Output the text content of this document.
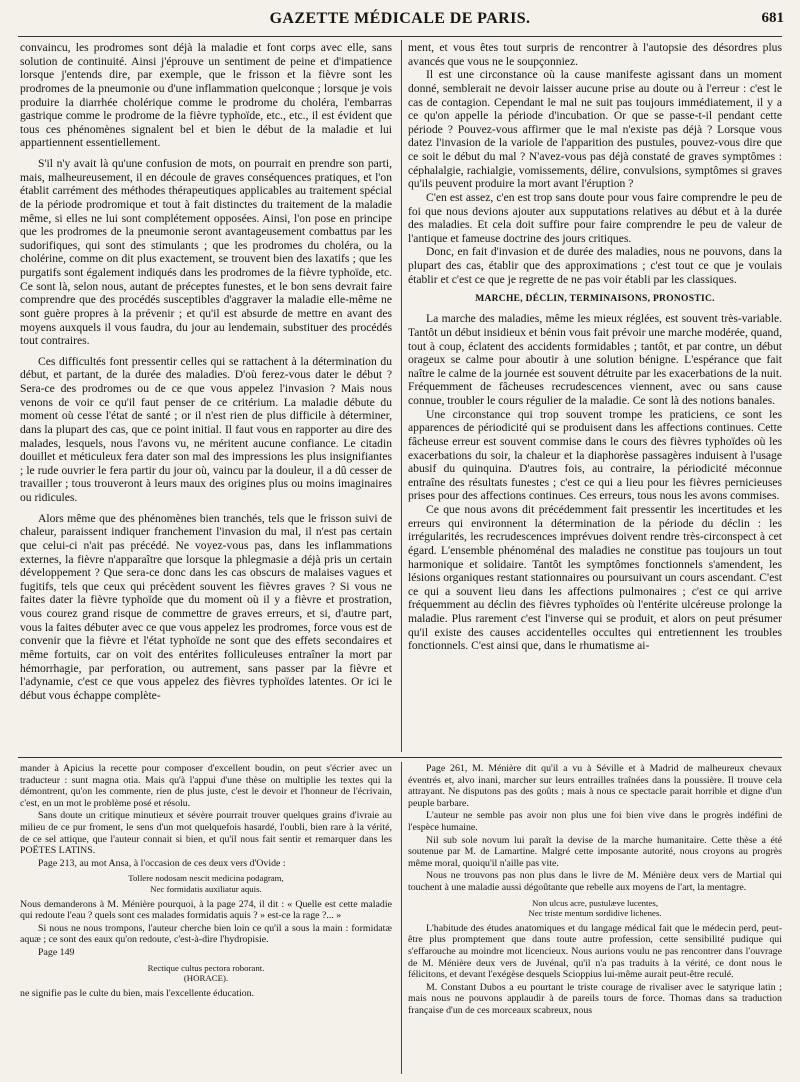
GAZETTE MÉDICALE DE PARIS.	681

convaincu, les prodromes sont déjà la maladie et font corps avec elle, sans solution de continuité. Ainsi j'éprouve un sentiment de peine et d'impatience lorsque j'entends dire, par exemple, que le frisson et la fièvre sont les prodromes de la pneumonie ou d'une inflammation quelconque ; lorsque je vois produire la diarrhée cholérique comme le prodrome du choléra, l'embarras gastrique comme le prodrome de la fièvre typhoïde, etc., etc., il est évident que tous ces phénomènes signalent bel et bien le début de la maladie et lui appartiennent essentiellement.

S'il n'y avait là qu'une confusion de mots, on pourrait en prendre son parti, mais, malheureusement, il en découle de graves conséquences pratiques, et l'on établit carrément des méthodes thérapeutiques applicables au traitement spécial de la période prodromique et tout à fait distinctes du traitement de la maladie même, si elles ne lui sont complétement opposées. Ainsi, l'on pose en principe que les prodromes de la pneumonie seront avantageusement combattus par les sudorifiques, qui sont des stimulants ; que les prodromes du choléra, ou la cholérine, comme on dit plus exactement, se trouvent bien des laxatifs ; que les purgatifs sont également indiqués dans les prodromes de la fièvre typhoïde, etc. Ce sont là, selon nous, autant de préceptes funestes, et le bon sens devrait faire comprendre que des procédés susceptibles d'aggraver la maladie elle-même ne sont guère propres à la prévenir ; et qu'il est absurde de mettre en avant des moyens auxquels il vous faudra, du jour au lendemain, substituer des procédés tout contraires.

Ces difficultés font pressentir celles qui se rattachent à la détermination du début, et partant, de la durée des maladies. D'où ferez-vous dater le début ? Sera-ce des prodromes ou de ce que vous appelez l'invasion ? Mais nous venons de voir ce qu'il faut penser de ce critérium. La maladie débute du moment où cesse l'état de santé ; or il n'est rien de plus difficile à déterminer, dans la plupart des cas, que ce point initial. Il faut vous en rapporter au dire des malades, lesquels, nous l'avons vu, ne méritent aucune confiance. Le citadin douillet et méticuleux fera dater son mal des impressions les plus insignifiantes ; le rude ouvrier le fera partir du jour où, vaincu par la douleur, il a dû cesser de travailler ; tous trouveront à leurs maux des origines plus ou moins imaginaires ou ridicules.

Alors même que des phénomènes bien tranchés, tels que le frisson suivi de chaleur, paraissent indiquer franchement l'invasion du mal, il n'est pas certain que celui-ci n'ait pas précédé. Ne voyez-vous pas, dans les inflammations externes, la fièvre n'apparaître que lorsque la phlegmasie a déjà pris un certain développement ? Que sera-ce donc dans les cas obscurs de malaises vagues et fugitifs, tels que ceux qui précèdent souvent les fièvres graves ? Si vous ne faites dater la fièvre typhoïde que du moment où il y a fièvre et prostration, vous courez grand risque de commettre de graves erreurs, et si, d'autre part, vous la faites débuter avec ce que vous appelez les prodromes, force vous est de convenir que la fièvre et l'état typhoïde ne sont que des effets secondaires et même fortuits, car on voit des entérites folliculeuses entraîner la mort par hémorrhagie, par perforation, ou autrement, sans passer par la fièvre et l'adynamie, c'est ce que vous appelez des fièvres typhoïdes latentes. Or ici le début vous échappe complète-

ment, et vous êtes tout surpris de rencontrer à l'autopsie des désordres plus avancés que vous ne le soupçonniez.

Il est une circonstance où la cause manifeste agissant dans un moment donné, semblerait ne devoir laisser aucune prise au doute ou à l'erreur : c'est le cas de contagion. Cependant le mal ne suit pas toujours immédiatement, il y a ce qu'on appelle la période d'incubation. Or que se passe-t-il pendant cette période ? Pouvez-vous affirmer que le mal n'existe pas déjà ? Lorsque vous datez l'invasion de la variole de l'apparition des pustules, pouvez-vous dire que ce soit le début du mal ? N'avez-vous pas déjà constaté de graves symptômes : céphalalgie, rachialgie, vomissements, délire, convulsions, symptômes si graves qu'ils peuvent produire la mort avant l'éruption ?

C'en est assez, c'en est trop sans doute pour vous faire comprendre le peu de foi que nous devions ajouter aux supputations relatives au début et à la durée des maladies. Et cela doit suffire pour faire comprendre le peu de valeur de l'antique et fameuse doctrine des jours critiques.

Donc, en fait d'invasion et de durée des maladies, nous ne pouvons, dans la plupart des cas, établir que des approximations ; c'est tout ce que je voulais établir et c'est ce que je regrette de ne pas voir établi par les classiques.

MARCHE, DÉCLIN, TERMINAISONS, PRONOSTIC.

La marche des maladies, même les mieux réglées, est souvent très-variable. Tantôt un début insidieux et bénin vous fait prévoir une marche modérée, quand, tout à coup, éclatent des accidents formidables ; tantôt, et par contre, un début orageux se calme pour aboutir à une solution bénigne. L'espérance que fait naître le calme de la journée est souvent détruite par les exacerbations de la nuit. Fréquemment de fâcheuses recrudescences viennent, avec ou sans cause connue, troubler le cours régulier de la maladie. Ce sont là des notions banales.

Une circonstance qui trop souvent trompe les praticiens, ce sont les apparences de périodicité qui se produisent dans les affections continues. Cette fâcheuse erreur est souvent commise dans le cours des fièvres typhoïdes où les exacerbations du soir, la chaleur et la diaphorèse passagères induisent à l'usage abusif du quinquina. D'autres fois, au contraire, la périodicité méconnue entraîne des résultats funestes ; c'est ce qui a lieu pour les fièvres pernicieuses prises pour des affections continues. Ces erreurs, tous nous les avons commises.

Ce que nous avons dit précédemment fait pressentir les incertitudes et les erreurs qui environnent la détermination de la période du déclin : les irrégularités, les recrudescences imprévues doivent rendre très-circonspect à cet égard. L'ensemble phénoménal des maladies ne constitue pas toujours un tout harmonique et solidaire. Tantôt les symptômes fonctionnels s'amendent, les lésions organiques restant stationnaires ou poursuivant un cours ascendant. C'est ce qui a souvent lieu dans les affections pulmonaires ; c'est ce qui arrive fréquemment au déclin des fièvres typhoïdes où l'entérite ulcéreuse prolonge la maladie. Plus rarement c'est l'inverse qui se produit, et alors on peut présumer qu'il existe des causes accidentelles occultes qui entretiennent les troubles fonctionnels. C'est ainsi que, dans le rhumatisme ai-

mander à Apicius la recette pour composer d'excellent boudin, on peut s'écrier avec un traducteur : sunt magna otia. Mais qu'à l'appui d'une thèse on multiplie les textes qui la démontrent, qu'on les commente, rien de plus juste, c'est le devoir et l'honneur de l'écrivain, c'est, en un mot le problème posé et résolu.

Sans doute un critique minutieux et sévère pourrait trouver quelques grains d'ivraie au milieu de ce pur froment, le sens d'un mot quelquefois hasardé, l'oubli, bien rare à la vérité, de ce sel attique, que l'auteur connait si bien, et qu'il nous fait sentir et remarquer dans les POËTES LATINS.

Page 213, au mot Ansa, à l'occasion de ces deux vers d'Ovide :

Tollere nodosam nescit medicina podagram,
Nec formidatis auxiliatur aquis.

Nous demanderons à M. Ménière pourquoi, à la page 274, il dit : « Quelle est cette maladie qui redoute l'eau ? quels sont ces malades formidatis aquis ? » est-ce la rage ?... »

Si nous ne nous trompons, l'auteur cherche bien loin ce qu'il a sous la main : formidatæ aquæ ; ce sont des eaux qu'on redoute, c'est-à-dire l'hydropisie.

Page 149

Rectique cultus pectora roborant.
(HORACE).

ne signifie pas le culte du bien, mais l'excellente éducation.

Page 261, M. Ménière dit qu'il a vu à Séville et à Madrid de malheureux chevaux éventrés et, alvo inani, marcher sur leurs entrailles traînées dans la poussière. Il trouve cela attrayant. Ne disputons pas des goûts ; mais à nous ce spectacle parait horrible et digne d'un peuple barbare.

L'auteur ne semble pas avoir non plus une foi bien vive dans le progrès indéfini de l'espèce humaine.

Nil sub sole novum lui paraît la devise de la marche humanitaire. Cette thèse a été soutenue par M. de Lamartine. Malgré cette imposante autorité, nous croyons au progrès même moral, quoiqu'il n'aille pas vite.

Nous ne trouvons pas non plus dans le livre de M. Ménière deux vers de Martial qui touchent à une maladie aussi dégoûtante que rebelle aux moyens de l'art, la mentagre.

Non ulcus acre, pustulæve lucentes,
Nec triste mentum sordidive lichenes.

L'habitude des études anatomiques et du langage médical fait que le médecin perd, peut-être plus promptement que dans toute autre profession, cette sensibilité pudique qui s'effarouche au moindre mot licencieux. Nous aurions voulu ne pas rencontrer dans l'ouvrage de M. Ménière deux vers de Juvénal, qu'il n'a pas traduits à la vérité, ce dont nous le félicitons, et devant l'exégèse desquels Scioppius lui-même aurait peut-être reculé.

M. Constant Dubos a eu pourtant le triste courage de rivaliser avec le satyrique latin ; mais nous ne pouvons applaudir à de pareils tours de force. Thomas dans sa traduction française d'un de ces morceaux scabreux, nous
